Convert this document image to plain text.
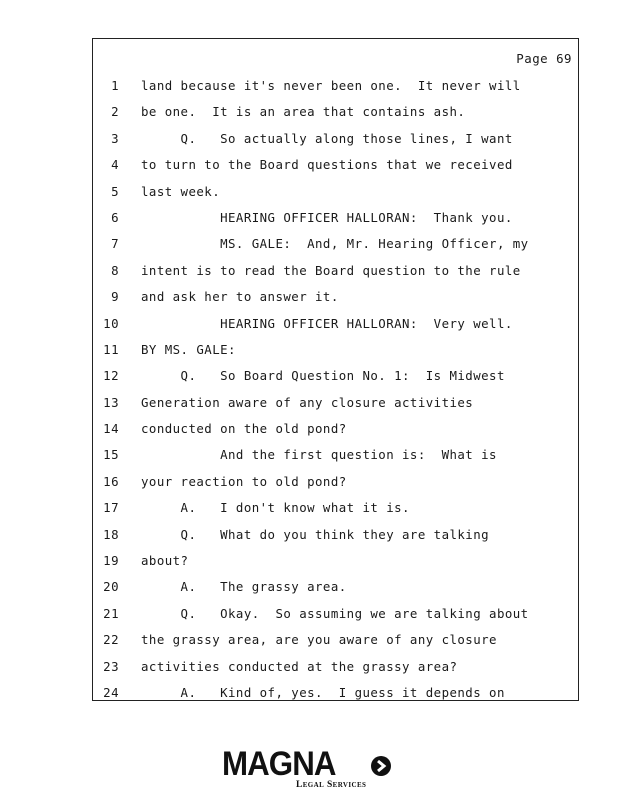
Page 69
1 land because it's never been one.  It never will
2 be one.  It is an area that contains ash.
3 Q.   So actually along those lines, I want
4 to turn to the Board questions that we received
5 last week.
6 HEARING OFFICER HALLORAN:  Thank you.
7 MS. GALE:  And, Mr. Hearing Officer, my
8 intent is to read the Board question to the rule
9 and ask her to answer it.
10 HEARING OFFICER HALLORAN:  Very well.
11 BY MS. GALE:
12 Q.   So Board Question No. 1:  Is Midwest
13 Generation aware of any closure activities
14 conducted on the old pond?
15 And the first question is:  What is
16 your reaction to old pond?
17 A.   I don't know what it is.
18 Q.   What do you think they are talking
19 about?
20 A.   The grassy area.
21 Q.   Okay.  So assuming we are talking about
22 the grassy area, are you aware of any closure
23 activities conducted at the grassy area?
24 A.   Kind of, yes.  I guess it depends on
MAGNA
Legal Services
